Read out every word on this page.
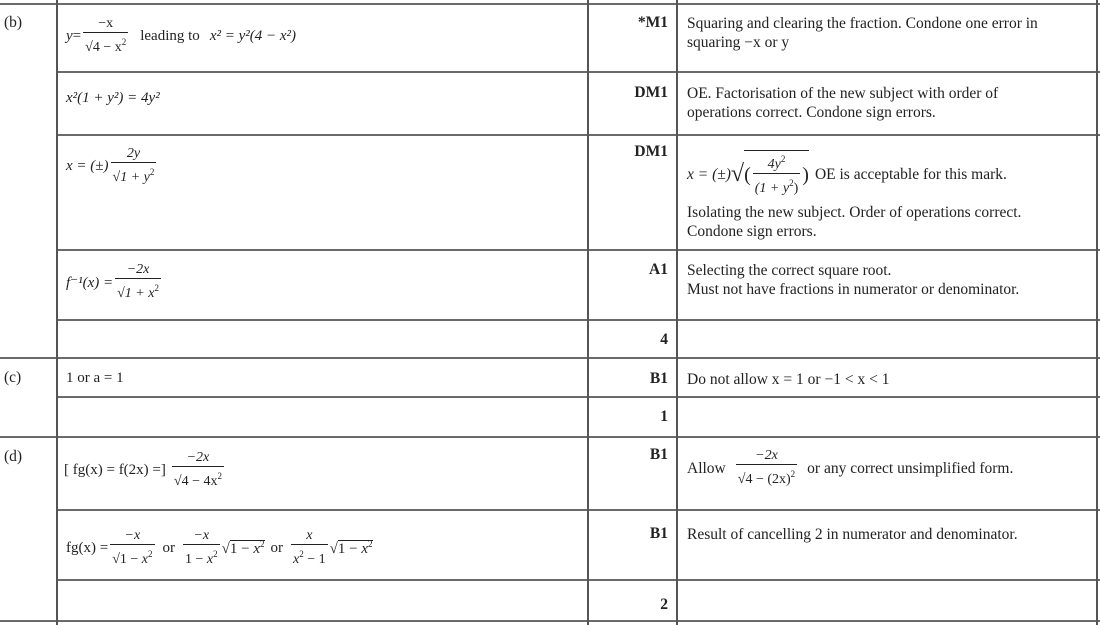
(b)
(c)
(d)
$y = \frac{-x}{√4 - x^2}$ leading to x² = y²(4 − x²)
x²(1 + y²) = 4y²
x = (±) $\frac{2y}{√1 + y^2}$
$f^{-1}(x) = \frac{-2x}{√1 + x^2}$
1 or a = 1
[ fg(x) = f(2x) =] $\frac{-2x}{√4 - 4x^2}$
$fg(x) = \frac{-x}{√1 - x^2}$ or $\frac{-x}{1 - x^2} √1 - x^2$ or $\frac{x}{x^2 - 1} √1 - x^2$
*M1
DM1
DM1
A1
4
B1
1
B1
B1
2
Squaring and clearing the fraction. Condone one error in
squaring −x or y
OE. Factorisation of the new subject with order of
operations correct. Condone sign errors.
x = (±) √ ( $\frac{4y^2}{(1 + y^2)}$ ) OE is acceptable for this mark.
Isolating the new subject. Order of operations correct.
Condone sign errors.
Selecting the correct square root.
Must not have fractions in numerator or denominator.
Do not allow x = 1 or −1 < x < 1
Allow $\frac{-2x}{√4 - (2x)^2}$ or any correct unsimplified form.
Result of cancelling 2 in numerator and denominator.
